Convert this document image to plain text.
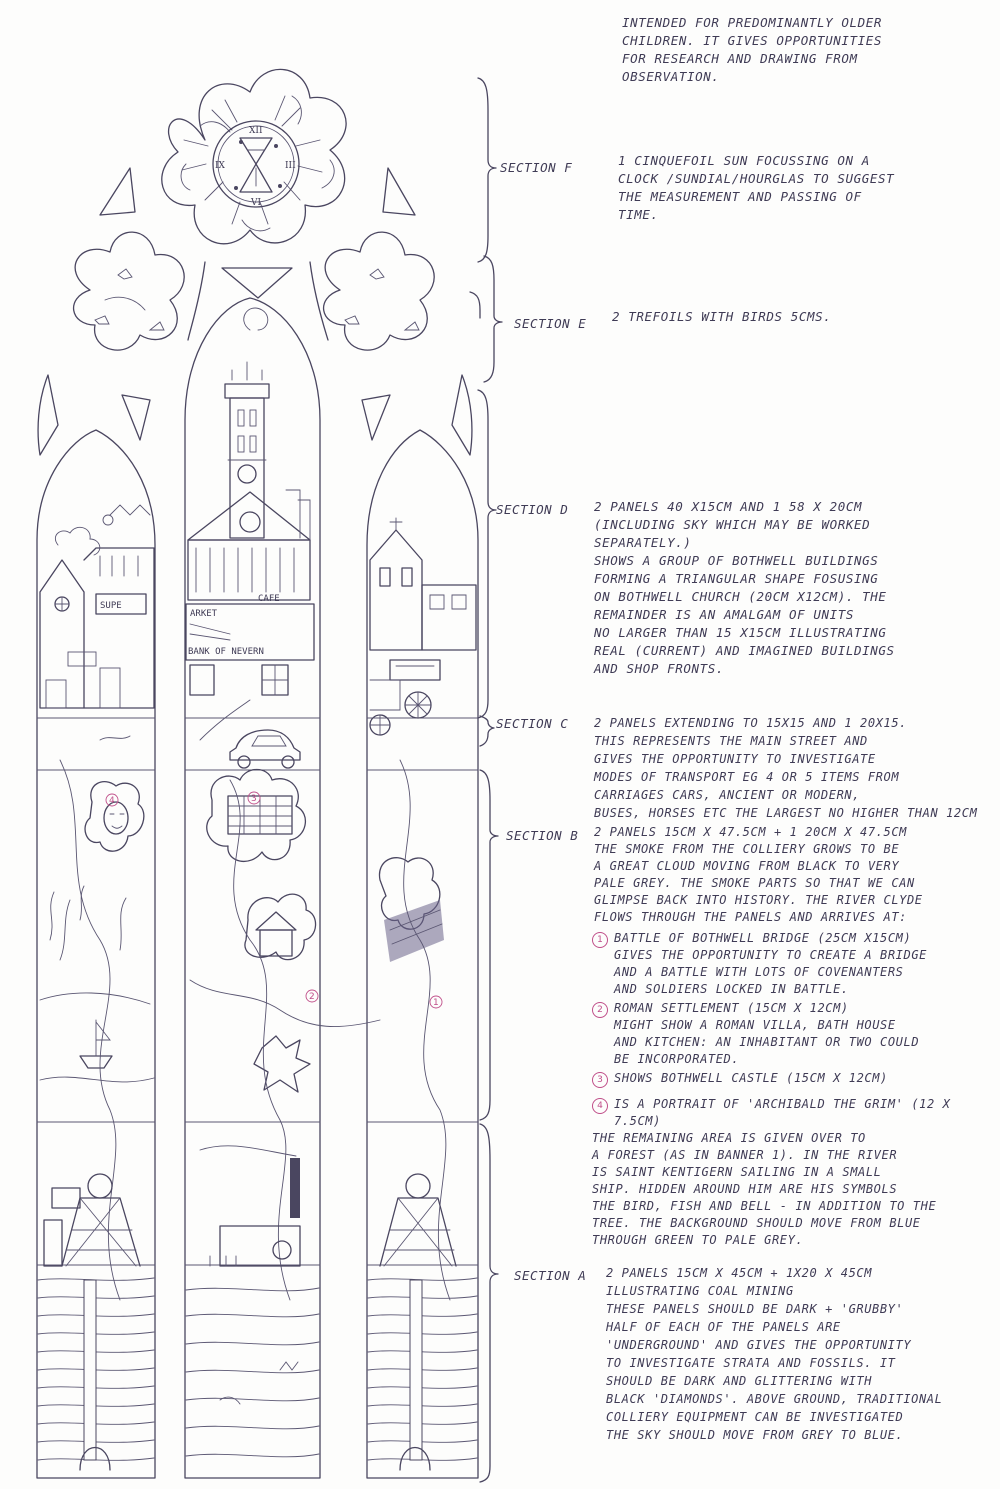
XII
III
VI
IX
CAFE
ARKET
BANK OF NEVERN
SUPE
3
2
4
1
INTENDED FOR PREDOMINANTLY OLDER
CHILDREN. IT GIVES OPPORTUNITIES
FOR RESEARCH AND DRAWING FROM
OBSERVATION.
SECTION F	1 CINQUEFOIL SUN FOCUSSING ON A
CLOCK /SUNDIAL/HOURGLAS TO SUGGEST
THE MEASUREMENT AND PASSING OF
TIME.
SECTION E 2 TREFOILS WITH BIRDS 5CMS.
SECTION D 2 PANELS 40 X15CM AND 1 58 X 20CM
(INCLUDING SKY WHICH MAY BE WORKED
SEPARATELY.)
SHOWS A GROUP OF BOTHWELL BUILDINGS
FORMING A TRIANGULAR SHAPE FOSUSING
ON BOTHWELL CHURCH (20CM X12CM). THE
REMAINDER IS AN AMALGAM OF UNITS
NO LARGER THAN 15 X15CM ILLUSTRATING
REAL (CURRENT) AND IMAGINED BUILDINGS
AND SHOP FRONTS.
SECTION C 2 PANELS EXTENDING TO 15X15 AND 1 20X15.
THIS REPRESENTS THE MAIN STREET AND
GIVES THE OPPORTUNITY TO INVESTIGATE
MODES OF TRANSPORT EG 4 OR 5 ITEMS FROM
CARRIAGES CARS, ANCIENT OR MODERN,
BUSES, HORSES ETC THE LARGEST NO HIGHER THAN 12CM
SECTION B 2 PANELS 15CM X 47.5CM + 1 20CM X 47.5CM
THE SMOKE FROM THE COLLIERY GROWS TO BE
A GREAT CLOUD MOVING FROM BLACK TO VERY
PALE GREY. THE SMOKE PARTS SO THAT WE CAN
GLIMPSE BACK INTO HISTORY. THE RIVER CLYDE
FLOWS THROUGH THE PANELS AND ARRIVES AT:
1 BATTLE OF BOTHWELL BRIDGE (25CM X15CM)
GIVES THE OPPORTUNITY TO CREATE A BRIDGE
AND A BATTLE WITH LOTS OF COVENANTERS
AND SOLDIERS LOCKED IN BATTLE.
2 ROMAN SETTLEMENT (15CM X 12CM)
MIGHT SHOW A ROMAN VILLA, BATH HOUSE
AND KITCHEN: AN INHABITANT OR TWO COULD
BE INCORPORATED.
3 SHOWS BOTHWELL CASTLE (15CM X 12CM)
4 IS A PORTRAIT OF 'ARCHIBALD THE GRIM' (12 X 7.5CM)
THE REMAINING AREA IS GIVEN OVER TO
A FOREST (AS IN BANNER 1). IN THE RIVER
IS SAINT KENTIGERN SAILING IN A SMALL
SHIP. HIDDEN AROUND HIM ARE HIS SYMBOLS
THE BIRD, FISH AND BELL - IN ADDITION TO THE
TREE. THE BACKGROUND SHOULD MOVE FROM BLUE
THROUGH GREEN TO PALE GREY.
SECTION A 2 PANELS 15CM X 45CM + 1X20 X 45CM
ILLUSTRATING COAL MINING
THESE PANELS SHOULD BE DARK + 'GRUBBY'
HALF OF EACH OF THE PANELS ARE
'UNDERGROUND' AND GIVES THE OPPORTUNITY
TO INVESTIGATE STRATA AND FOSSILS. IT
SHOULD BE DARK AND GLITTERING WITH
BLACK 'DIAMONDS'. ABOVE GROUND, TRADITIONAL
COLLIERY EQUIPMENT CAN BE INVESTIGATED
THE SKY SHOULD MOVE FROM GREY TO BLUE.
